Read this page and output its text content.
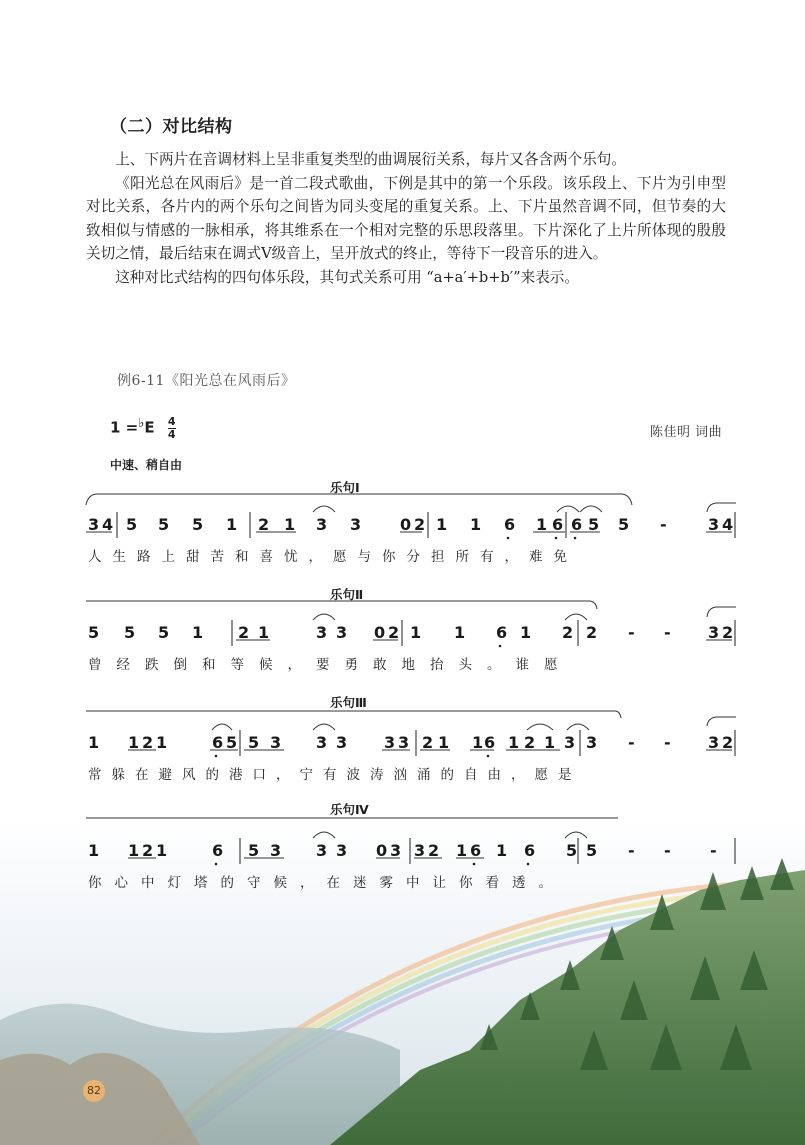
（二）对比结构

上、下两片在音调材料上呈非重复类型的曲调展衍关系，每片又各含两个乐句。

《阳光总在风雨后》是一首二段式歌曲，下例是其中的第一个乐段。该乐段上、下片为引申型对比关系，各片内的两个乐句之间皆为同头变尾的重复关系。上、下片虽然音调不同，但节奏的大致相似与情感的一脉相承，将其维系在一个相对完整的乐思段落里。下片深化了上片所体现的殷殷关切之情，最后结束在调式Ⅴ级音上，呈开放式的终止，等待下一段音乐的进入。

这种对比式结构的四句体乐段，其句式关系可用 “a+a′+b+b′”来表示。

例6-11《阳光总在风雨后》
1 =♭E $\frac{4}{4}$	陈佳明 词曲
中速、稍自由
乐句Ⅰ
乐句Ⅱ
乐句Ⅲ
乐句Ⅳ
3 4 5 5 5 1 2 1 3 3 0 2 1 1 6 1 6 6 5 5 -	3 4
5 5 5 1 2 1	3 3 0 2 1 1 6 1 2 2 - - 3 2
1 1 2 1	6 5 5 3 3 3 3 3 2 1 1 6 1 2 1 3 3 - - 3 2
1 1 2 1	6 5 3 3 3 0 3 3 2 1 6 1 6 5 5 - - -
人生路上甜苦和喜忧，愿与你分担所有，难免
曾经跌倒和等候，要勇敢地抬头。谁愿
常躲在避风的港口，宁有波涛汹涌的自由，愿是
你心中灯塔的守候，在迷雾中让你看透。
82
